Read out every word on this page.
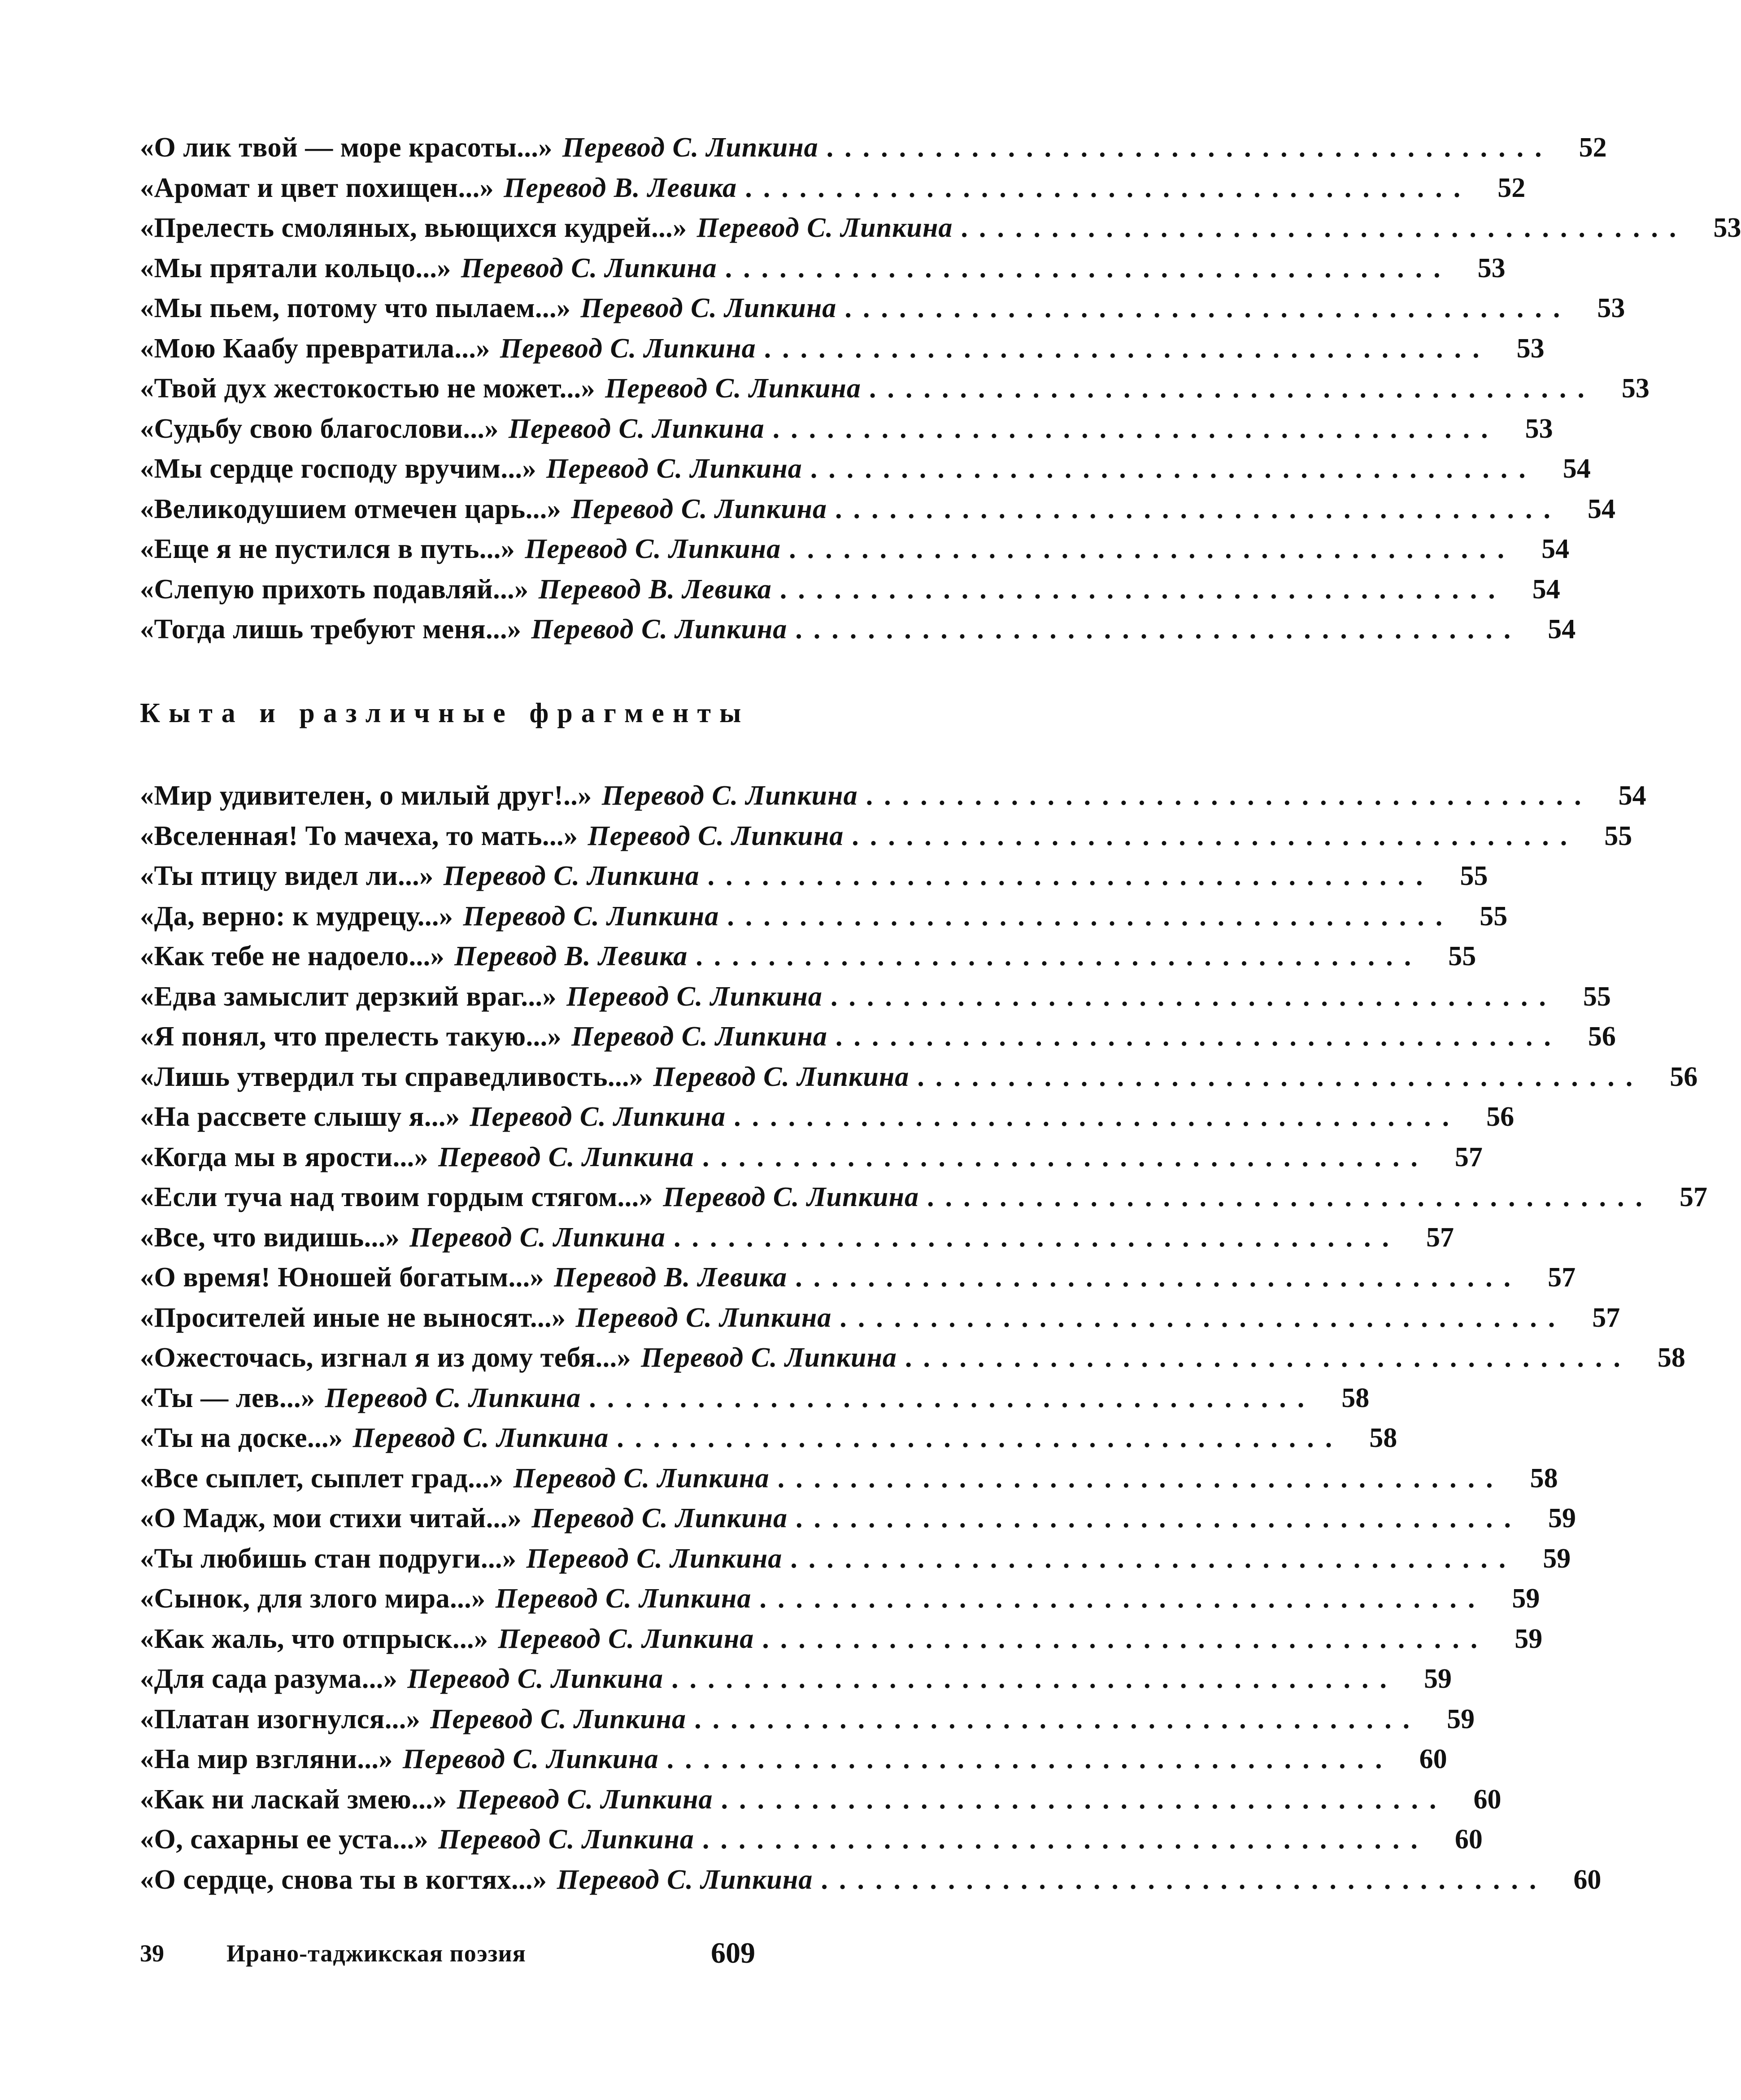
«О лик твой — море красоты...» Перевод С. Липкина ........................................ 52
«Аромат и цвет похищен...» Перевод В. Левика ........................................ 52
«Прелесть смоляных, вьющихся кудрей...» Перевод С. Липкина ........................................ 53
«Мы прятали кольцо...» Перевод С. Липкина ........................................ 53
«Мы пьем, потому что пылаем...» Перевод С. Липкина ........................................ 53
«Мою Каабу превратила...» Перевод С. Липкина ........................................ 53
«Твой дух жестокостью не может...» Перевод С. Липкина ........................................ 53
«Судьбу свою благослови...» Перевод С. Липкина ........................................ 53
«Мы сердце господу вручим...» Перевод С. Липкина ........................................ 54
«Великодушием отмечен царь...» Перевод С. Липкина ........................................ 54
«Еще я не пустился в путь...» Перевод С. Липкина ........................................ 54
«Слепую прихоть подавляй...» Перевод В. Левика ........................................ 54
«Тогда лишь требуют меня...» Перевод С. Липкина ........................................ 54
Кыта и различные фрагменты
«Мир удивителен, о милый друг!..» Перевод С. Липкина ........................................ 54
«Вселенная! То мачеха, то мать...» Перевод С. Липкина ........................................ 55
«Ты птицу видел ли...» Перевод С. Липкина ........................................ 55
«Да, верно: к мудрецу...» Перевод С. Липкина ........................................ 55
«Как тебе не надоело...» Перевод В. Левика ........................................ 55
«Едва замыслит дерзкий враг...» Перевод С. Липкина ........................................ 55
«Я понял, что прелесть такую...» Перевод С. Липкина ........................................ 56
«Лишь утвердил ты справедливость...» Перевод С. Липкина ........................................ 56
«На рассвете слышу я...» Перевод С. Липкина ........................................ 56
«Когда мы в ярости...» Перевод С. Липкина ........................................ 57
«Если туча над твоим гордым стягом...» Перевод С. Липкина ........................................ 57
«Все, что видишь...» Перевод С. Липкина ........................................ 57
«О время! Юношей богатым...» Перевод В. Левика ........................................ 57
«Просителей иные не выносят...» Перевод С. Липкина ........................................ 57
«Ожесточась, изгнал я из дому тебя...» Перевод С. Липкина ........................................ 58
«Ты — лев...» Перевод С. Липкина ........................................ 58
«Ты на доске...» Перевод С. Липкина ........................................ 58
«Все сыплет, сыплет град...» Перевод С. Липкина ........................................ 58
«О Мадж, мои стихи читай...» Перевод С. Липкина ........................................ 59
«Ты любишь стан подруги...» Перевод С. Липкина ........................................ 59
«Сынок, для злого мира...» Перевод С. Липкина ........................................ 59
«Как жаль, что отпрыск...» Перевод С. Липкина ........................................ 59
«Для сада разума...» Перевод С. Липкина ........................................ 59
«Платан изогнулся...» Перевод С. Липкина ........................................ 59
«На мир взгляни...» Перевод С. Липкина ........................................ 60
«Как ни ласкай змею...» Перевод С. Липкина ........................................ 60
«О, сахарны ее уста...» Перевод С. Липкина ........................................ 60
«О сердце, снова ты в когтях...» Перевод С. Липкина ........................................ 60
39	Ирано-таджикская поэзия	609
